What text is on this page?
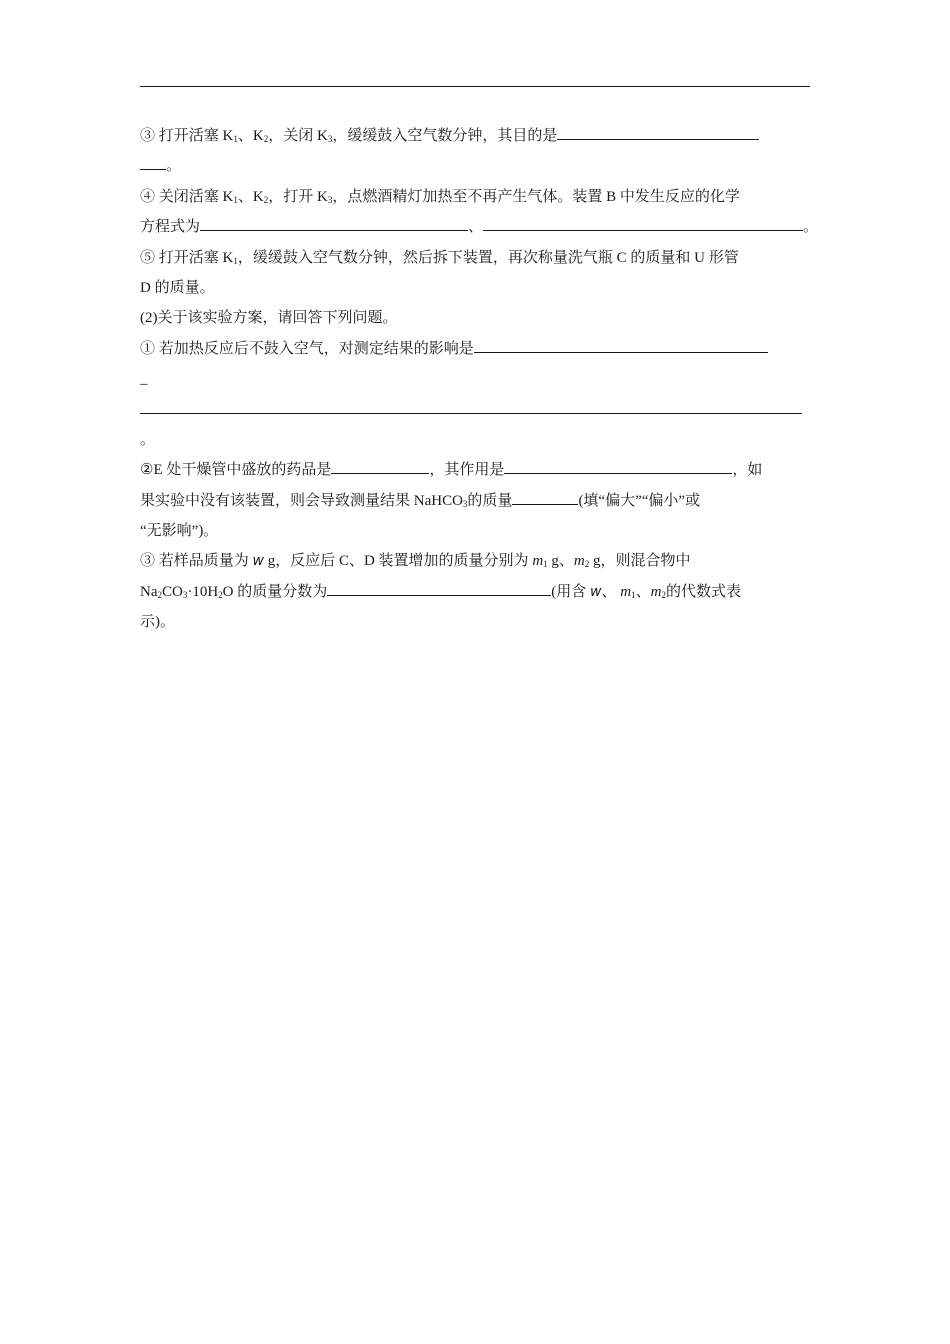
③ 打开活塞 $K_1$、$K_2$，关闭 $K_3$，缓缓鼓入空气数分钟，其目的是
。
④ 关闭活塞 $K_1$、$K_2$，打开 $K_3$，点燃酒精灯加热至不再产生气体。装置 B 中发生反应的化学
方程式为	、	。
⑤ 打开活塞 $K_1$，缓缓鼓入空气数分钟，然后拆下装置，再次称量洗气瓶 C 的质量和 U 形管
D 的质量。
(2)关于该实验方案，请回答下列问题。
① 若加热反应后不鼓入空气，对测定结果的影响是
_
。
②E 处干燥管中盛放的药品是	，其作用是	，如
果实验中没有该装置，则会导致测量结果 NaHCO$_3$的质量	(填“偏大”“偏小”或
“无影响”)。
③ 若样品质量为 w g，反应后 C、D 装置增加的质量分别为 $m_1$ g、$m_2$ g，则混合物中
$Na_2CO_3\cdot 10H_2O$ 的质量分数为	(用含 w、 $m_1$、$m_2$的代数式表
示)。
